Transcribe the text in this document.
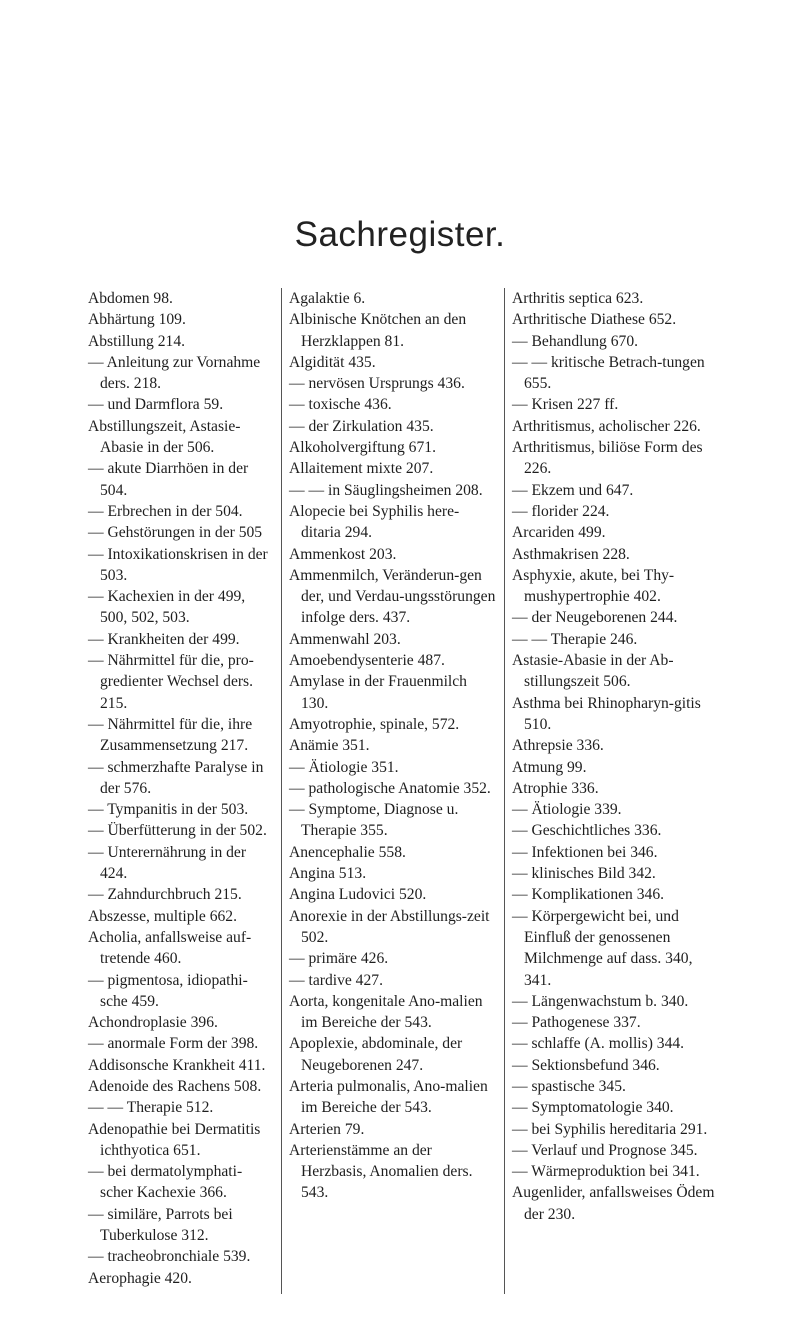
Sachregister.
Abdomen 98.
Abhärtung 109.
Abstillung 214.
— Anleitung zur Vornahme ders. 218.
— und Darmflora 59.
Abstillungszeit, Astasie-Abasie in der 506.
— akute Diarrhöen in der 504.
— Erbrechen in der 504.
— Gehstörungen in der 505
— Intoxikationskrisen in der 503.
— Kachexien in der 499, 500, 502, 503.
— Krankheiten der 499.
— Nährmittel für die, pro-gredienter Wechsel ders. 215.
— Nährmittel für die, ihre Zusammensetzung 217.
— schmerzhafte Paralyse in der 576.
— Tympanitis in der 503.
— Überfütterung in der 502.
— Unterernährung in der 424.
— Zahndurchbruch 215.
Abszesse, multiple 662.
Acholia, anfallsweise auf-tretende 460.
— pigmentosa, idiopathi-sche 459.
Achondroplasie 396.
— anormale Form der 398.
Addisonsche Krankheit 411.
Adenoide des Rachens 508.
— — Therapie 512.
Adenopathie bei Dermatitis ichthyotica 651.
— bei dermatolymphati-scher Kachexie 366.
— similäre, Parrots bei Tuberkulose 312.
— tracheobronchiale 539.
Aerophagie 420.
Agalaktie 6.
Albinische Knötchen an den Herzklappen 81.
Algidität 435.
— nervösen Ursprungs 436.
— toxische 436.
— der Zirkulation 435.
Alkoholvergiftung 671.
Allaitement mixte 207.
— — in Säuglingsheimen 208.
Alopecie bei Syphilis here-ditaria 294.
Ammenkost 203.
Ammenmilch, Veränderun-gen der, und Verdau-ungsstörungen infolge ders. 437.
Ammenwahl 203.
Amoebendysenterie 487.
Amylase in der Frauenmilch 130.
Amyotrophie, spinale, 572.
Anämie 351.
— Ätiologie 351.
— pathologische Anatomie 352.
— Symptome, Diagnose u. Therapie 355.
Anencephalie 558.
Angina 513.
Angina Ludovici 520.
Anorexie in der Abstillungs-zeit 502.
— primäre 426.
— tardive 427.
Aorta, kongenitale Ano-malien im Bereiche der 543.
Apoplexie, abdominale, der Neugeborenen 247.
Arteria pulmonalis, Ano-malien im Bereiche der 543.
Arterien 79.
Arterienstämme an der Herzbasis, Anomalien ders. 543.
Arthritis septica 623.
Arthritische Diathese 652.
— Behandlung 670.
— — kritische Betrach-tungen 655.
— Krisen 227 ff.
Arthritismus, acholischer 226.
Arthritismus, biliöse Form des 226.
— Ekzem und 647.
— florider 224.
Arcariden 499.
Asthmakrisen 228.
Asphyxie, akute, bei Thy-mushypertrophie 402.
— der Neugeborenen 244.
— — Therapie 246.
Astasie-Abasie in der Ab-stillungszeit 506.
Asthma bei Rhinopharyn-gitis 510.
Athrepsie 336.
Atmung 99.
Atrophie 336.
— Ätiologie 339.
— Geschichtliches 336.
— Infektionen bei 346.
— klinisches Bild 342.
— Komplikationen 346.
— Körpergewicht bei, und Einfluß der genossenen Milchmenge auf dass. 340, 341.
— Längenwachstum b. 340.
— Pathogenese 337.
— schlaffe (A. mollis) 344.
— Sektionsbefund 346.
— spastische 345.
— Symptomatologie 340.
— bei Syphilis hereditaria 291.
— Verlauf und Prognose 345.
— Wärmeproduktion bei 341.
Augenlider, anfallsweises Ödem der 230.
